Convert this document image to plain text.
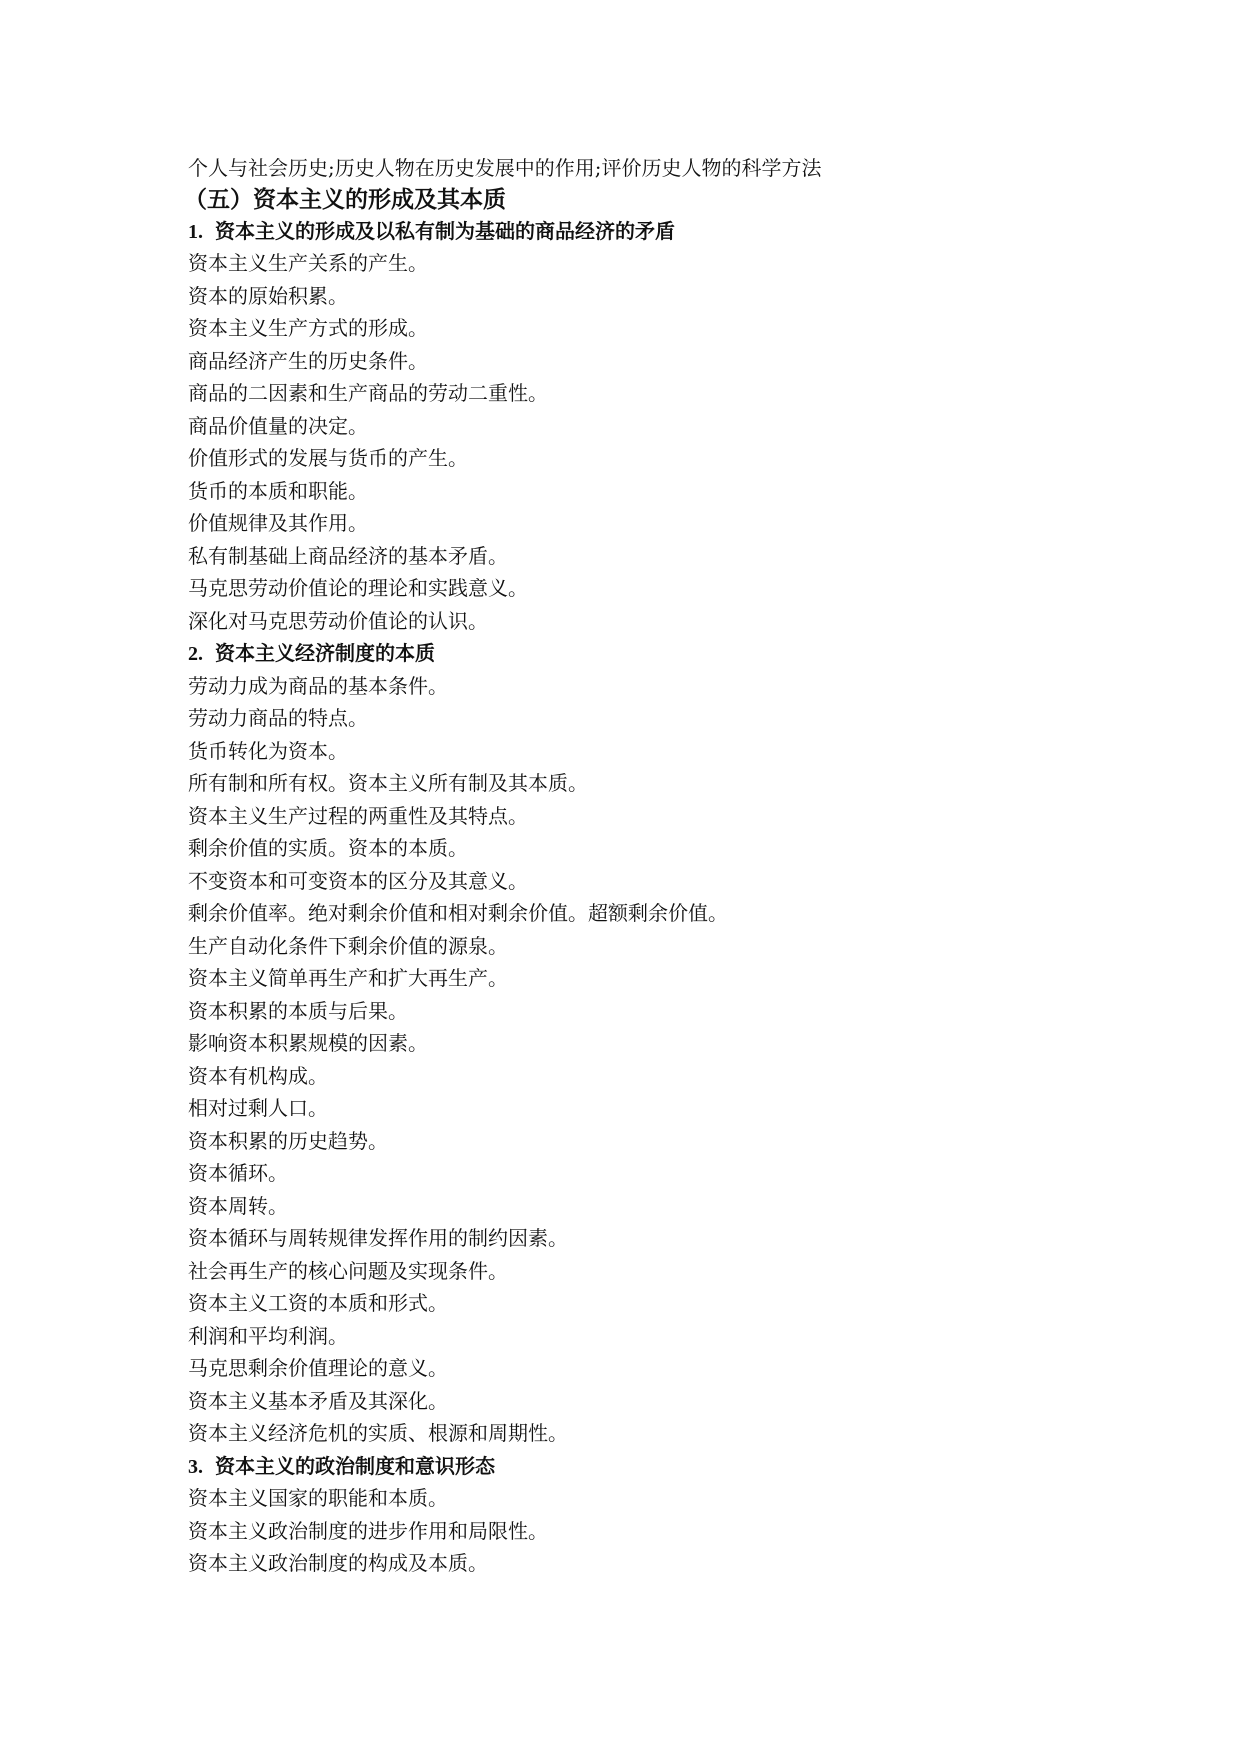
个人与社会历史;历史人物在历史发展中的作用;评价历史人物的科学方法
（五）资本主义的形成及其本质
1. 资本主义的形成及以私有制为基础的商品经济的矛盾
资本主义生产关系的产生。
资本的原始积累。
资本主义生产方式的形成。
商品经济产生的历史条件。
商品的二因素和生产商品的劳动二重性。
商品价值量的决定。
价值形式的发展与货币的产生。
货币的本质和职能。
价值规律及其作用。
私有制基础上商品经济的基本矛盾。
马克思劳动价值论的理论和实践意义。
深化对马克思劳动价值论的认识。
2. 资本主义经济制度的本质
劳动力成为商品的基本条件。
劳动力商品的特点。
货币转化为资本。
所有制和所有权。资本主义所有制及其本质。
资本主义生产过程的两重性及其特点。
剩余价值的实质。资本的本质。
不变资本和可变资本的区分及其意义。
剩余价值率。绝对剩余价值和相对剩余价值。超额剩余价值。
生产自动化条件下剩余价值的源泉。
资本主义简单再生产和扩大再生产。
资本积累的本质与后果。
影响资本积累规模的因素。
资本有机构成。
相对过剩人口。
资本积累的历史趋势。
资本循环。
资本周转。
资本循环与周转规律发挥作用的制约因素。
社会再生产的核心问题及实现条件。
资本主义工资的本质和形式。
利润和平均利润。
马克思剩余价值理论的意义。
资本主义基本矛盾及其深化。
资本主义经济危机的实质、根源和周期性。
3. 资本主义的政治制度和意识形态
资本主义国家的职能和本质。
资本主义政治制度的进步作用和局限性。
资本主义政治制度的构成及本质。
